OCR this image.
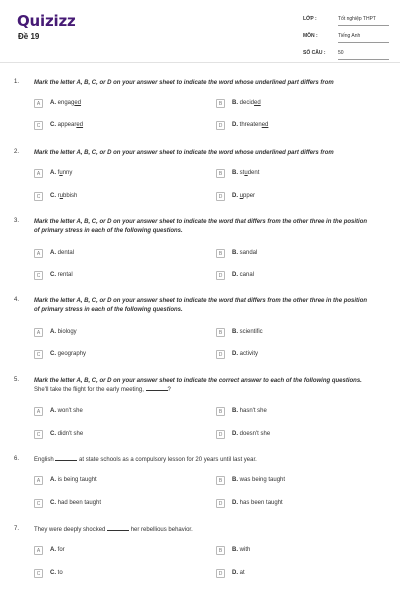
Quizizz
Đề 19
LỚP :	Tốt nghiệp THPT
MÔN :	Tiếng Anh
SỐ CÂU :	50
1. Mark the letter A, B, C, or D on your answer sheet to indicate the word whose underlined part differs from
A	A. engaged	B	B. decided
C	C. appeared	D	D. threatened
2. Mark the letter A, B, C, or D on your answer sheet to indicate the word whose underlined part differs from
A	A. funny	B	B. student
C	C. rubbish	D	D. upper
3. Mark the letter A, B, C, or D on your answer sheet to indicate the word that differs from the other three in the position of primary stress in each of the following questions.
A	A. dental	B	B. sandal
C	C. rental	D	D. canal
4. Mark the letter A, B, C, or D on your answer sheet to indicate the word that differs from the other three in the position of primary stress in each of the following questions.
A	A. biology	B	B. scientific
C	C. geography	D	D. activity
5. Mark the letter A, B, C, or D on your answer sheet to indicate the correct answer to each of the following questions. She'll take the flight for the early meeting,	?
A	A. won't she	B	B. hasn't she
C	C. didn't she	D	D. doesn't she
6. English	at state schools as a compulsory lesson for 20 years until last year.
A	A. is being taught	B	B. was being taught
C	C. had been taught	D	D. has been taught
7. They were deeply shocked	her rebellious behavior.
A	A. for	B	B. with
C	C. to	D	D. at
